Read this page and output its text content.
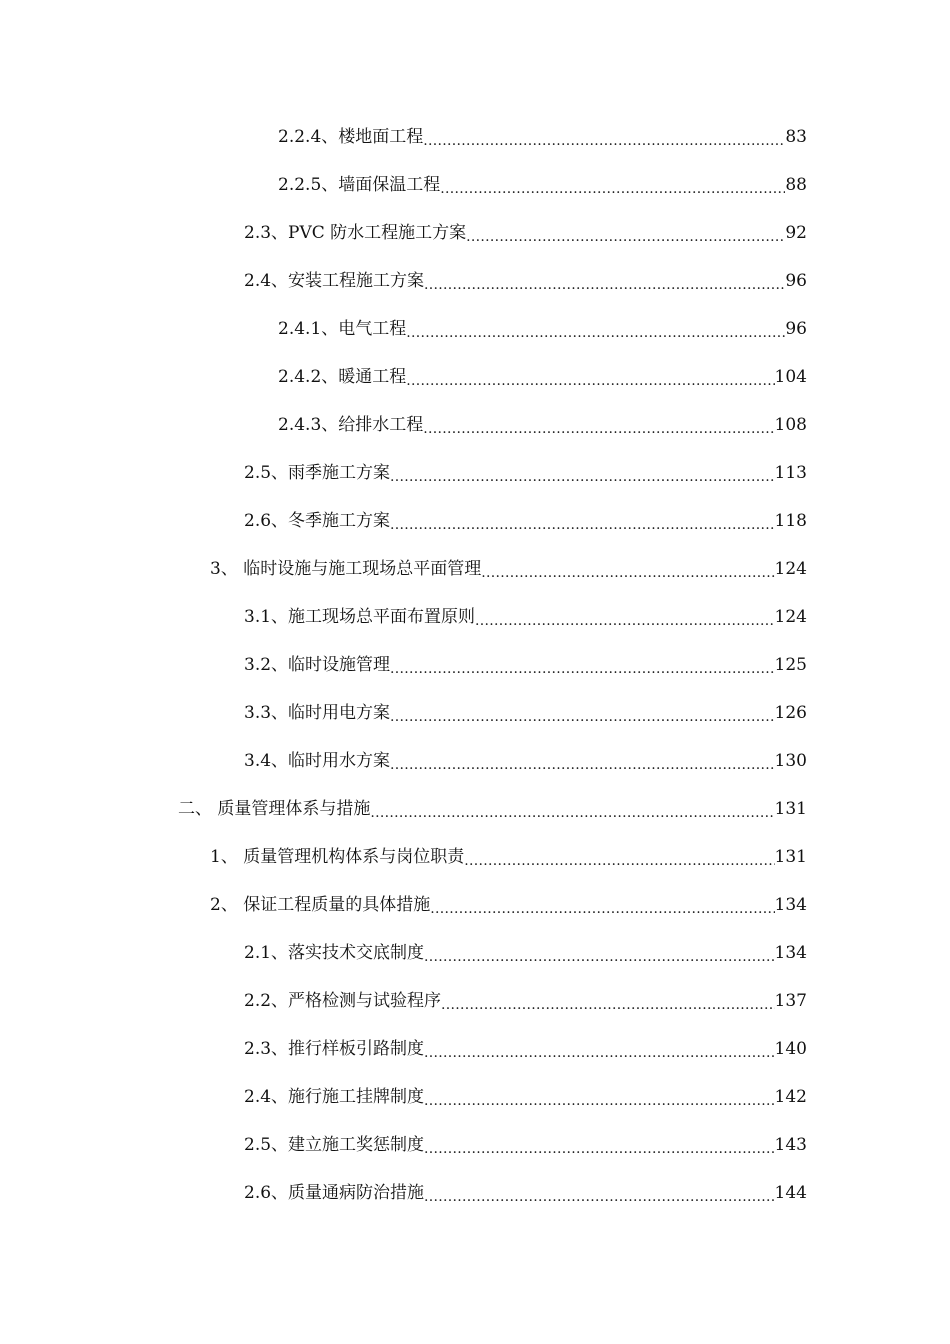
2.2.4、楼地面工程 .....	83
2.2.5、墙面保温工程 .....	88
2.3、PVC 防水工程施工方案 .....	92
2.4、安装工程施工方案 .....	96
2.4.1、电气工程 .....	96
2.4.2、暖通工程 .....	104
2.4.3、给排水工程 .....	108
2.5、雨季施工方案 .....	113
2.6、冬季施工方案 .....	118
3、 临时设施与施工现场总平面管理 .....	124
3.1、施工现场总平面布置原则 .....	124
3.2、临时设施管理 .....	125
3.3、临时用电方案 .....	126
3.4、临时用水方案 .....	130
二、 质量管理体系与措施 .....	131
1、 质量管理机构体系与岗位职责 .....	131
2、 保证工程质量的具体措施 .....	134
2.1、落实技术交底制度 .....	134
2.2、严格检测与试验程序 .....	137
2.3、推行样板引路制度 .....	140
2.4、施行施工挂牌制度 .....	142
2.5、建立施工奖惩制度 .....	143
2.6、质量通病防治措施 .....	144
